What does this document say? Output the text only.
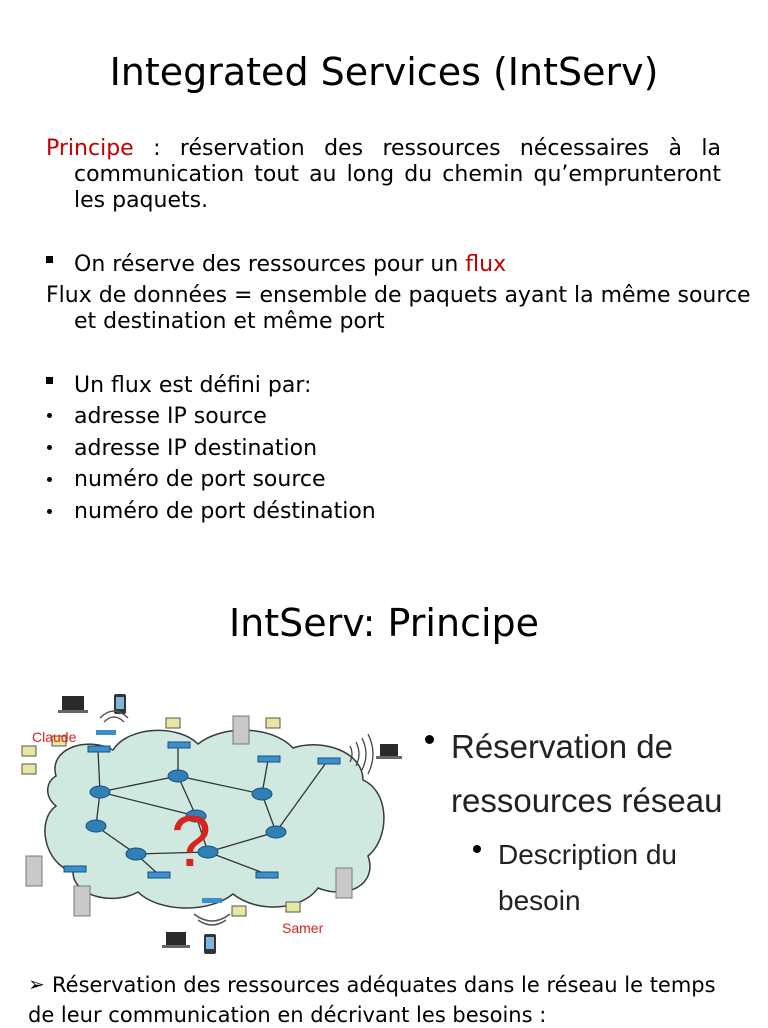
Integrated Services (IntServ)
Principe : réservation des ressources nécessaires à la
communication tout au long du chemin qu’emprunteront
les paquets.
On réserve des ressources pour un flux
Flux de données = ensemble de paquets ayant la même source
et destination et même port
Un flux est défini par:
adresse IP source
adresse IP destination
numéro de port source
numéro de port déstination
IntServ: Principe
?
Claude
Samer
Réservation de
ressources réseau
Description du
besoin
➢ Réservation des ressources adéquates dans le réseau le temps
de leur communication en décrivant les besoins :
